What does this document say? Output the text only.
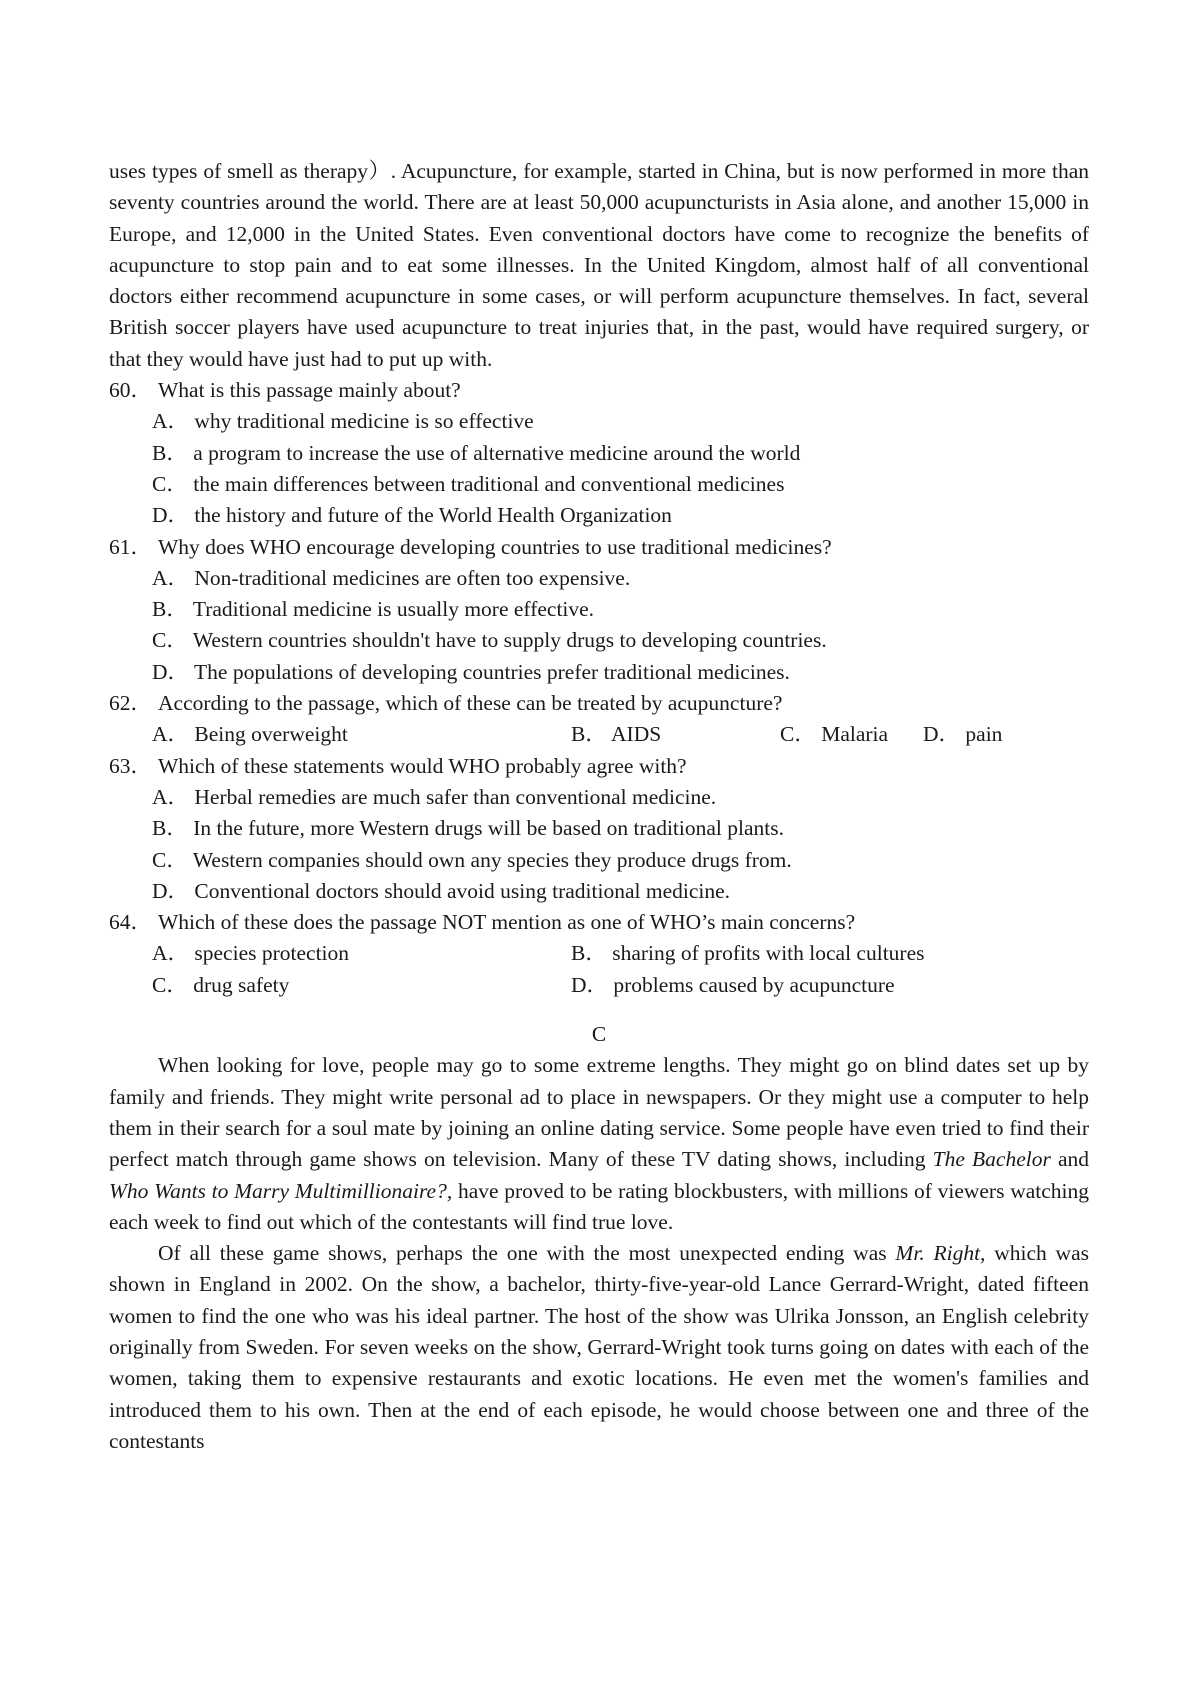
uses types of smell as therapy）. Acupuncture, for example, started in China, but is now performed in more than seventy countries around the world. There are at least 50,000 acupuncturists in Asia alone, and another 15,000 in Europe, and 12,000 in the United States. Even conventional doctors have come to recognize the benefits of acupuncture to stop pain and to eat some illnesses. In the United Kingdom, almost half of all conventional doctors either recommend acupuncture in some cases, or will perform acupuncture themselves. In fact, several British soccer players have used acupuncture to treat injuries that, in the past, would have required surgery, or that they would have just had to put up with.

60． What is this passage mainly about?

A． why traditional medicine is so effective

B． a program to increase the use of alternative medicine around the world

C． the main differences between traditional and conventional medicines

D． the history and future of the World Health Organization

61． Why does WHO encourage developing countries to use traditional medicines?

A． Non-traditional medicines are often too expensive.

B． Traditional medicine is usually more effective.

C． Western countries shouldn't have to supply drugs to developing countries.

D． The populations of developing countries prefer traditional medicines.

62． According to the passage, which of these can be treated by acupuncture?

A． Being overweight	B． AIDS	C． Malaria	D． pain

63． Which of these statements would WHO probably agree with?

A． Herbal remedies are much safer than conventional medicine.

B． In the future, more Western drugs will be based on traditional plants.

C． Western companies should own any species they produce drugs from.

D． Conventional doctors should avoid using traditional medicine.

64． Which of these does the passage NOT mention as one of WHO’s main concerns?

A． species protection	B． sharing of profits with local cultures
C． drug safety	D． problems caused by acupuncture

C

When looking for love, people may go to some extreme lengths. They might go on blind dates set up by family and friends. They might write personal ad to place in newspapers. Or they might use a computer to help them in their search for a soul mate by joining an online dating service. Some people have even tried to find their perfect match through game shows on television. Many of these TV dating shows, including The Bachelor and Who Wants to Marry Multimillionaire?, have proved to be rating blockbusters, with millions of viewers watching each week to find out which of the contestants will find true love.

Of all these game shows, perhaps the one with the most unexpected ending was Mr. Right, which was shown in England in 2002. On the show, a bachelor, thirty-five-year-old Lance Gerrard-Wright, dated fifteen women to find the one who was his ideal partner. The host of the show was Ulrika Jonsson, an English celebrity originally from Sweden. For seven weeks on the show, Gerrard-Wright took turns going on dates with each of the women, taking them to expensive restaurants and exotic locations. He even met the women's families and introduced them to his own. Then at the end of each episode, he would choose between one and three of the contestants
